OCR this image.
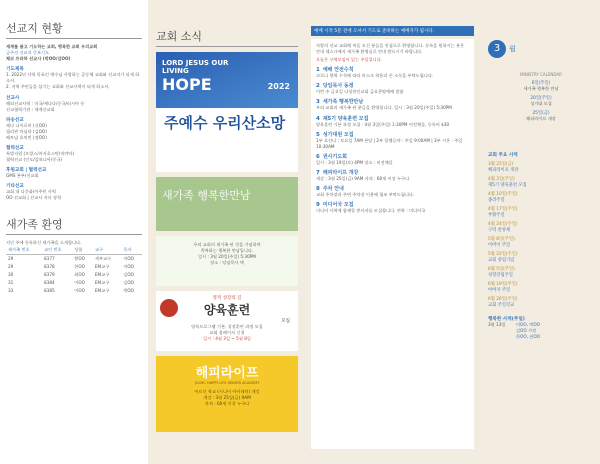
선교지 현황
세계를 품고 기도하는 교회, 행복한 교회 우리교회
금주의 선교지 중보기도
체코 프라하 선교사 (박OO/김OO)
기도제목
1. 2022년 사역 목표인 예수님 사랑하는 공동체 교회와 선교지가 되게 하소서.
2. 지역 주민들을 섬기는 교회와 선교사역이 되게 하소서.
선교사
해외선교사역 : 미국/캐나다/중국/러시아 등
선교협력기관 : 세계선교회
파송선교
케냐 나이로비 (신OO)
필리핀 마닐라 (김OO)
베트남 호치민 (정OO)
협력선교
특별지원 (프랑스/카자흐스탄/미얀마)
협력선교 (인도/캄보디아/중국)
후원교회 | 협력선교
GMS 본부/선교회
기타선교
교회 내 다문화/이주민 사역
OO 선교회 | 선교사 자녀 장학
새가족 환영
지난 주에 등록하신 새가족을 소개합니다.
새가족 번호	교인 번호	성함	교구	목자
29	8377	황OO	세부교구	이OO
29	8378	한OO	EM교구	이OO
30	8379	최OO	EM교구	김OO
31	8384	이OO	EM교구	김OO
33	8385	이OO	EM교구	박OO
교회 소식
LORD JESUS OUR LIVING
HOPE	2022
주예수 우리산소망
새가족 행복한만남
우리 교회의 새가족 된 것을 기념하며
축복하는 행복한 만남입니다.
일시 : 3월 20일(주일) 5:30PM
장소 : 당임목사 댁
영적 성장의 길
양육훈련
모집
양육프로그램 기본, 성장훈련 과정 모집
교회 홈페이지 신청
일시 : 4월 3일 ~ 5월 8일
해피라이프
JOLMC HAPPY LIFE SENIOR ACADEMY
어르신 학교 (시니어 아카데미) 개강
개강 : 3월 25일(금) 9AM
자격 : 60세 이상 누구나
예배 시작 5분 전에 오셔서 기도로 준비하는 예배자가 됩시다.
사랑의 선교 교회에 처음 오신 분들을 진심으로 환영합니다. 등록을 원하시는 분은 안내 데스크에서 새가족 환영실로 안내 받으시기 바랍니다.
오늘은 구역모임이 있는 주일입니다.
1 예배 안전수칙
코로나 방역 수칙에 따라 마스크 착용과 손 소독을 부탁드립니다.
2 당임목사 동정
이번 주 금요일 나성한인교회 금요찬양예배 말씀
3 세가족 행복한만남
우리 교회의 새가족 된 분들을 환영합니다. 일시 : 3월 20일(주일) 5:30PM
4 제5기 양육훈련 모집
양육훈련 기본 과정 모집 : 4월 3일(주일) 1:30PM 비전채플, 등록비 $30
5 성가대원 모집
1부 호산나 : 토요일 7AM 본당 | 2부 할렐루야 : 주일 9:00AM | 3부 시온 : 주일 10:30AM
6 권사기도회
일시 : 3월 19일(토) 4PM 장소 : 비전채플
7 해피라이프 개강
개강 : 3월 25일(금) 9AM 자격 : 60세 이상 누구나
8 주차 안내
교회 주차장과 주변 주차장 이용에 협조 부탁드립니다.
9 미디어국 모집
미디어 사역에 함께할 봉사자를 모집합니다. 연락 : 미디어국
3	월
MINISTRY CALENDAR
6일(주일)
세가족 행복한 만남
20일(주일)
성가대 모집
25일(금)
해피라이프 개강
교회 주요 사역
3월 25일(금)
해피라이프 개강
4월 3일(주일)
제5기 양육훈련 모집
4월 10일(주일)
종려주일
4월 17일(주일)
부활주일
4월 24일(주일)
구역 찬양제
5월 8일(주일)
어버이 주일
5월 22일(주일)
교회 창립기념
6월 5일(주일)
성령강림주일
6월 19일(주일)
아버지 주일
6월 26일(주일)
교회 주일학교
행복한 사역(주일)
3월 13일	이OO, 박OO
김OO 가정
한OO, 권OO
